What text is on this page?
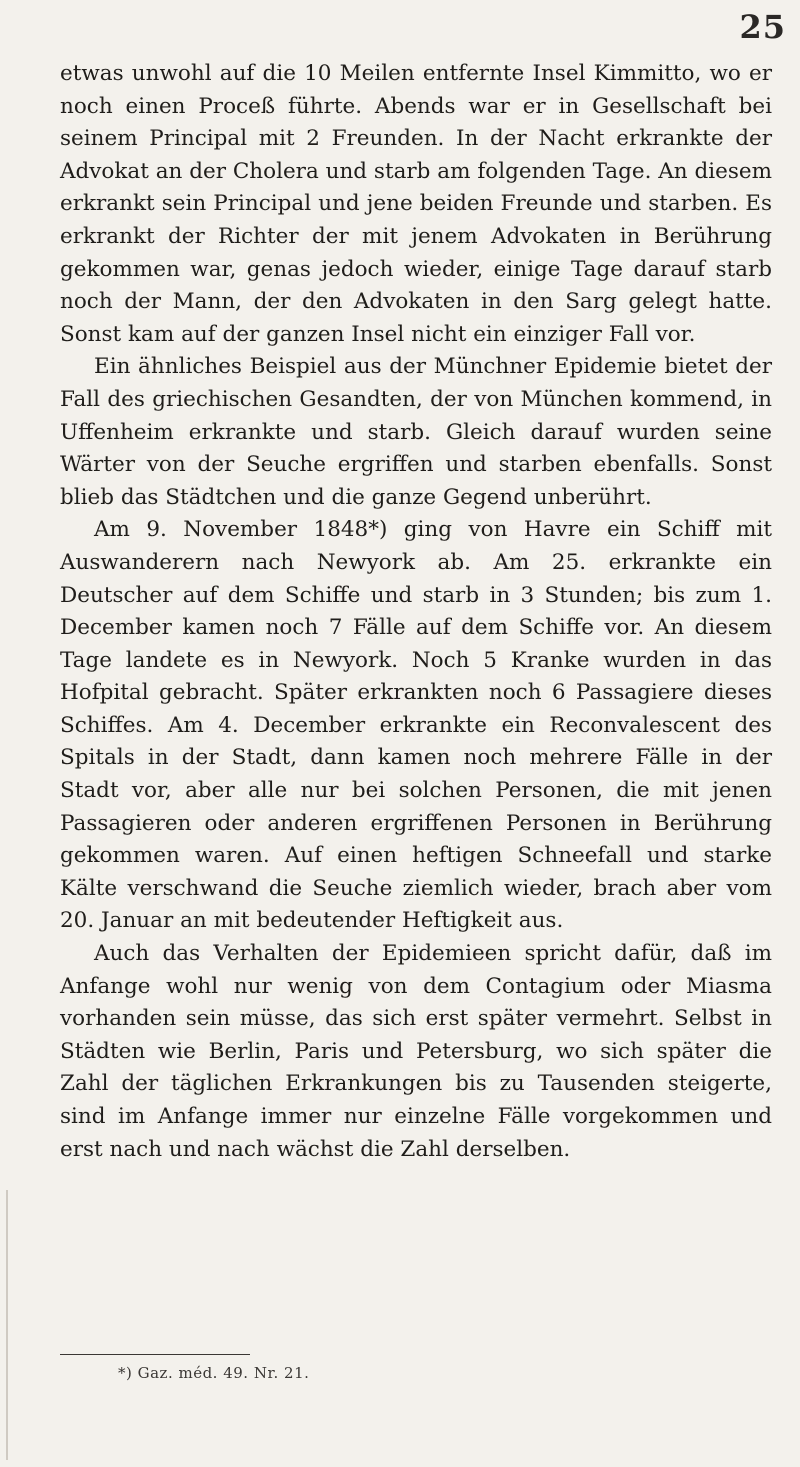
25

etwas unwohl auf die 10 Meilen entfernte Insel Kimmitto, wo er noch einen Proceß führte. Abends war er in Gesellschaft bei seinem Principal mit 2 Freunden. In der Nacht erkrankte der Advokat an der Cholera und starb am folgenden Tage. An diesem erkrankt sein Principal und jene beiden Freunde und starben. Es erkrankt der Richter der mit jenem Advokaten in Berührung gekommen war, genas jedoch wieder, einige Tage darauf starb noch der Mann, der den Advokaten in den Sarg gelegt hatte. Sonst kam auf der ganzen Insel nicht ein einziger Fall vor.

Ein ähnliches Beispiel aus der Münchner Epidemie bietet der Fall des griechischen Gesandten, der von München kommend, in Uffenheim erkrankte und starb. Gleich darauf wurden seine Wärter von der Seuche ergriffen und starben ebenfalls. Sonst blieb das Städtchen und die ganze Gegend unberührt.

Am 9. November 1848*) ging von Havre ein Schiff mit Auswanderern nach Newyork ab. Am 25. erkrankte ein Deutscher auf dem Schiffe und starb in 3 Stunden; bis zum 1. December kamen noch 7 Fälle auf dem Schiffe vor. An diesem Tage landete es in Newyork. Noch 5 Kranke wurden in das Hofpital gebracht. Später erkrankten noch 6 Passagiere dieses Schiffes. Am 4. December erkrankte ein Reconvalescent des Spitals in der Stadt, dann kamen noch mehrere Fälle in der Stadt vor, aber alle nur bei solchen Personen, die mit jenen Passagieren oder anderen ergriffenen Personen in Berührung gekommen waren. Auf einen heftigen Schneefall und starke Kälte verschwand die Seuche ziemlich wieder, brach aber vom 20. Januar an mit bedeutender Heftigkeit aus.

Auch das Verhalten der Epidemieen spricht dafür, daß im Anfange wohl nur wenig von dem Contagium oder Miasma vorhanden sein müsse, das sich erst später vermehrt. Selbst in Städten wie Berlin, Paris und Petersburg, wo sich später die Zahl der täglichen Erkrankungen bis zu Tausenden steigerte, sind im Anfange immer nur einzelne Fälle vorgekommen und erst nach und nach wächst die Zahl derselben.

*) Gaz. méd. 49. Nr. 21.
